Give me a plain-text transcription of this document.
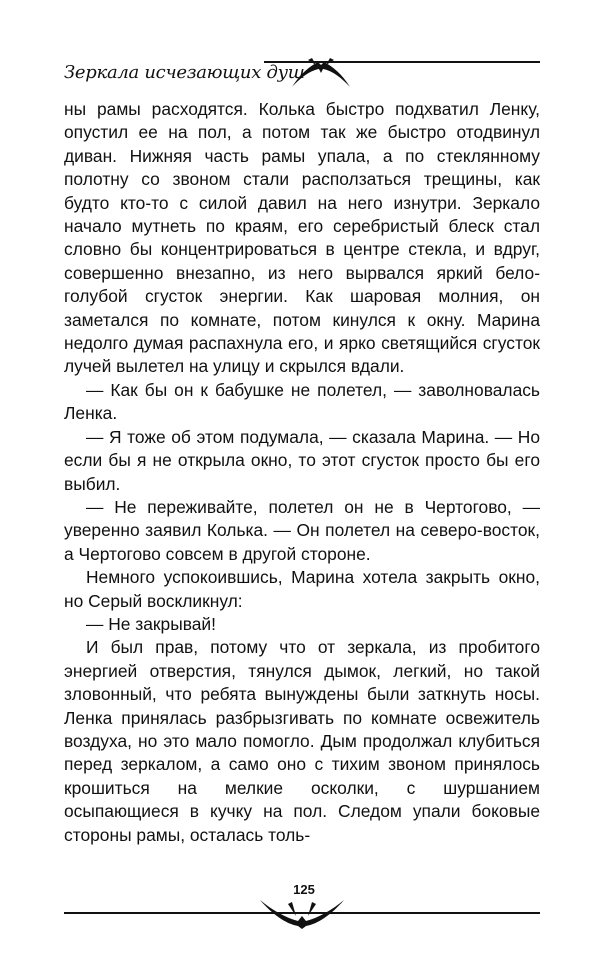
Зеркала исчезающих душ

ны рамы расходятся. Колька быстро подхватил Ленку, опустил ее на пол, а потом так же быстро отодвинул диван. Нижняя часть рамы упала, а по стеклянному полотну со звоном стали расползаться трещины, как будто кто-то с силой давил на него изнутри. Зеркало начало мутнеть по краям, его серебристый блеск стал словно бы концентрироваться в центре стекла, и вдруг, совершенно внезапно, из него вырвался яркий бело-голубой сгусток энергии. Как шаровая молния, он заметался по комнате, потом кинулся к окну. Марина недолго думая распахнула его, и ярко светящийся сгусток лучей вылетел на улицу и скрылся вдали.

— Как бы он к бабушке не полетел, — заволновалась Ленка.

— Я тоже об этом подумала, — сказала Марина. — Но если бы я не открыла окно, то этот сгусток просто бы его выбил.

— Не переживайте, полетел он не в Чертогово, — уверенно заявил Колька. — Он полетел на северо-восток, а Чертогово совсем в другой стороне.

Немного успокоившись, Марина хотела закрыть окно, но Серый воскликнул:

— Не закрывай!

И был прав, потому что от зеркала, из пробитого энергией отверстия, тянулся дымок, легкий, но такой зловонный, что ребята вынуждены были заткнуть носы. Ленка принялась разбрызгивать по комнате освежитель воздуха, но это мало помогло. Дым продолжал клубиться перед зеркалом, а само оно с тихим звоном принялось крошиться на мелкие осколки, с шуршанием осыпающиеся в кучку на пол. Следом упали боковые стороны рамы, осталась толь-

125
